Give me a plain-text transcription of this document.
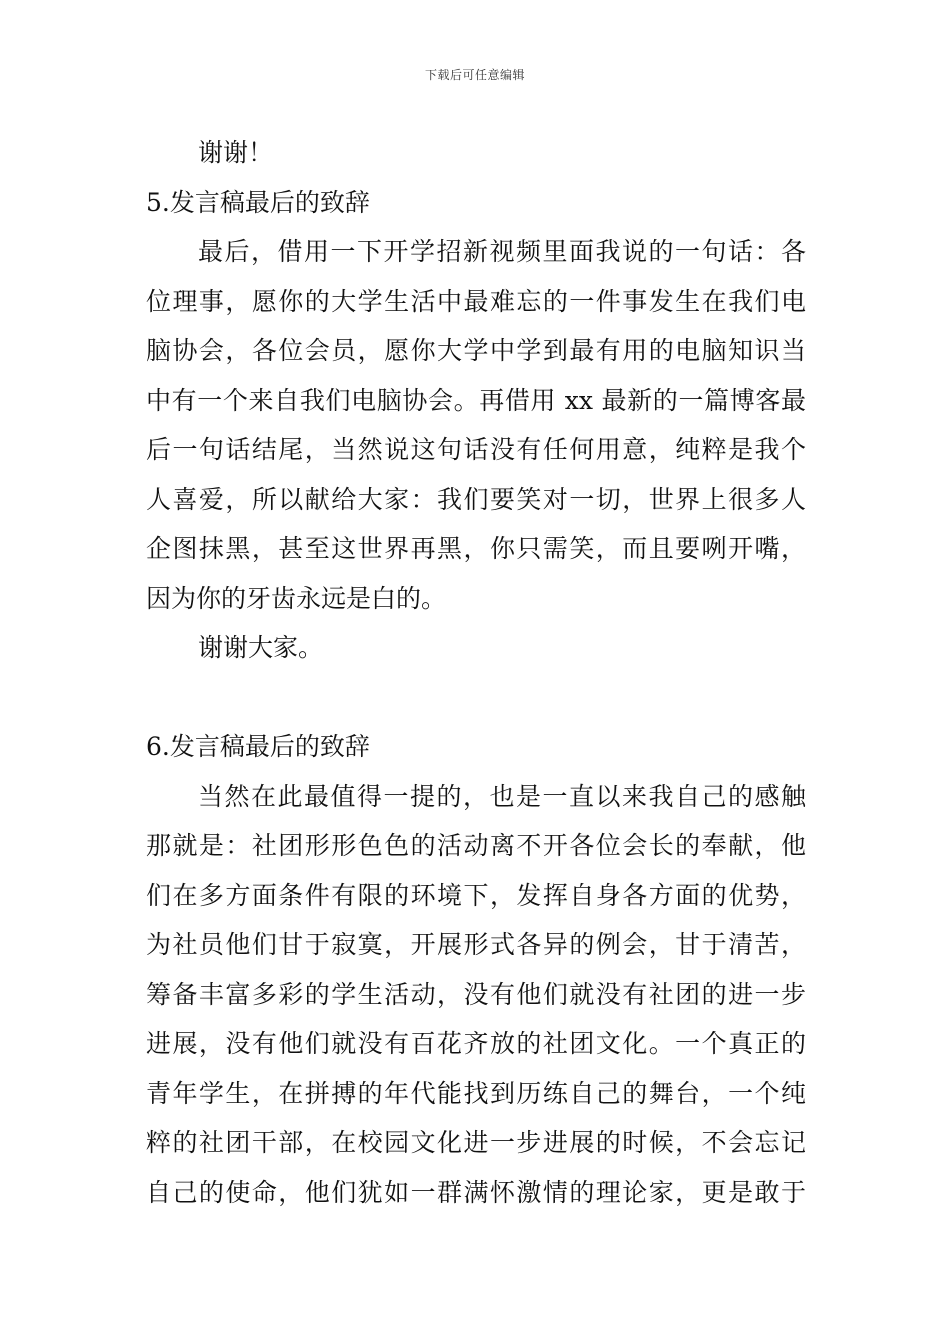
下载后可任意编辑
谢谢！
5.发言稿最后的致辞
最后，借用一下开学招新视频里面我说的一句话：各
位理事，愿你的大学生活中最难忘的一件事发生在我们电
脑协会，各位会员，愿你大学中学到最有用的电脑知识当
中有一个来自我们电脑协会。再借用 xx 最新的一篇博客最
后一句话结尾，当然说这句话没有任何用意，纯粹是我个
人喜爱，所以献给大家：我们要笑对一切，世界上很多人
企图抹黑，甚至这世界再黑，你只需笑，而且要咧开嘴，
因为你的牙齿永远是白的。
谢谢大家。
6.发言稿最后的致辞
当然在此最值得一提的，也是一直以来我自己的感触
那就是：社团形形色色的活动离不开各位会长的奉献，他
们在多方面条件有限的环境下，发挥自身各方面的优势，
为社员他们甘于寂寞，开展形式各异的例会，甘于清苦，
筹备丰富多彩的学生活动，没有他们就没有社团的进一步
进展，没有他们就没有百花齐放的社团文化。一个真正的
青年学生，在拼搏的年代能找到历练自己的舞台，一个纯
粹的社团干部，在校园文化进一步进展的时候，不会忘记
自己的使命，他们犹如一群满怀激情的理论家，更是敢于
